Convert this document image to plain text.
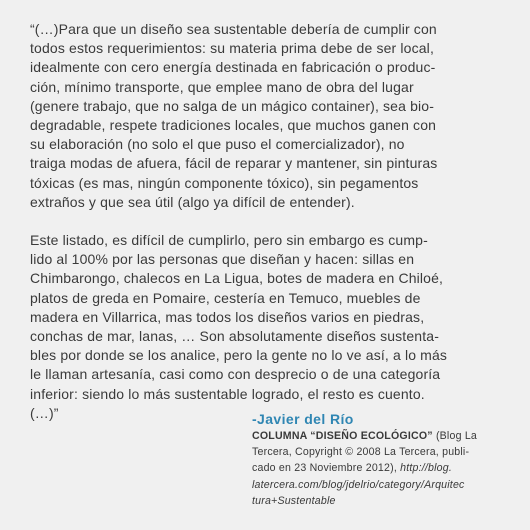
“(…)Para que un diseño sea sustentable debería de cumplir con
todos estos requerimientos: su materia prima debe de ser local,
idealmente con cero energía destinada en fabricación o produc-
ción, mínimo transporte, que emplee mano de obra del lugar
(genere trabajo, que no salga de un mágico container), sea bio-
degradable, respete tradiciones locales, que muchos ganen con
su elaboración (no solo el que puso el comercializador), no
traiga modas de afuera, fácil de reparar y mantener, sin pinturas
tóxicas (es mas, ningún componente tóxico), sin pegamentos
extraños y que sea útil (algo ya difícil de entender).

Este listado, es difícil de cumplirlo, pero sin embargo es cump-
lido al 100% por las personas que diseñan y hacen: sillas en
Chimbarongo, chalecos en La Ligua, botes de madera en Chiloé,
platos de greda en Pomaire, cestería en Temuco, muebles de
madera en Villarrica, mas todos los diseños varios en piedras,
conchas de mar, lanas, … Son absolutamente diseños sustenta-
bles por donde se los analice, pero la gente no lo ve así, a lo más
le llaman artesanía, casi como con desprecio o de una categoría
inferior: siendo lo más sustentable logrado, el resto es cuento.
(…)”	-Javier del Río
COLUMNA “DISEÑO ECOLÓGICO” (Blog La
Tercera, Copyright © 2008 La Tercera, publi-
cado en 23 Noviembre 2012), http://blog.
latercera.com/blog/jdelrio/category/Arquitec
tura+Sustentable
